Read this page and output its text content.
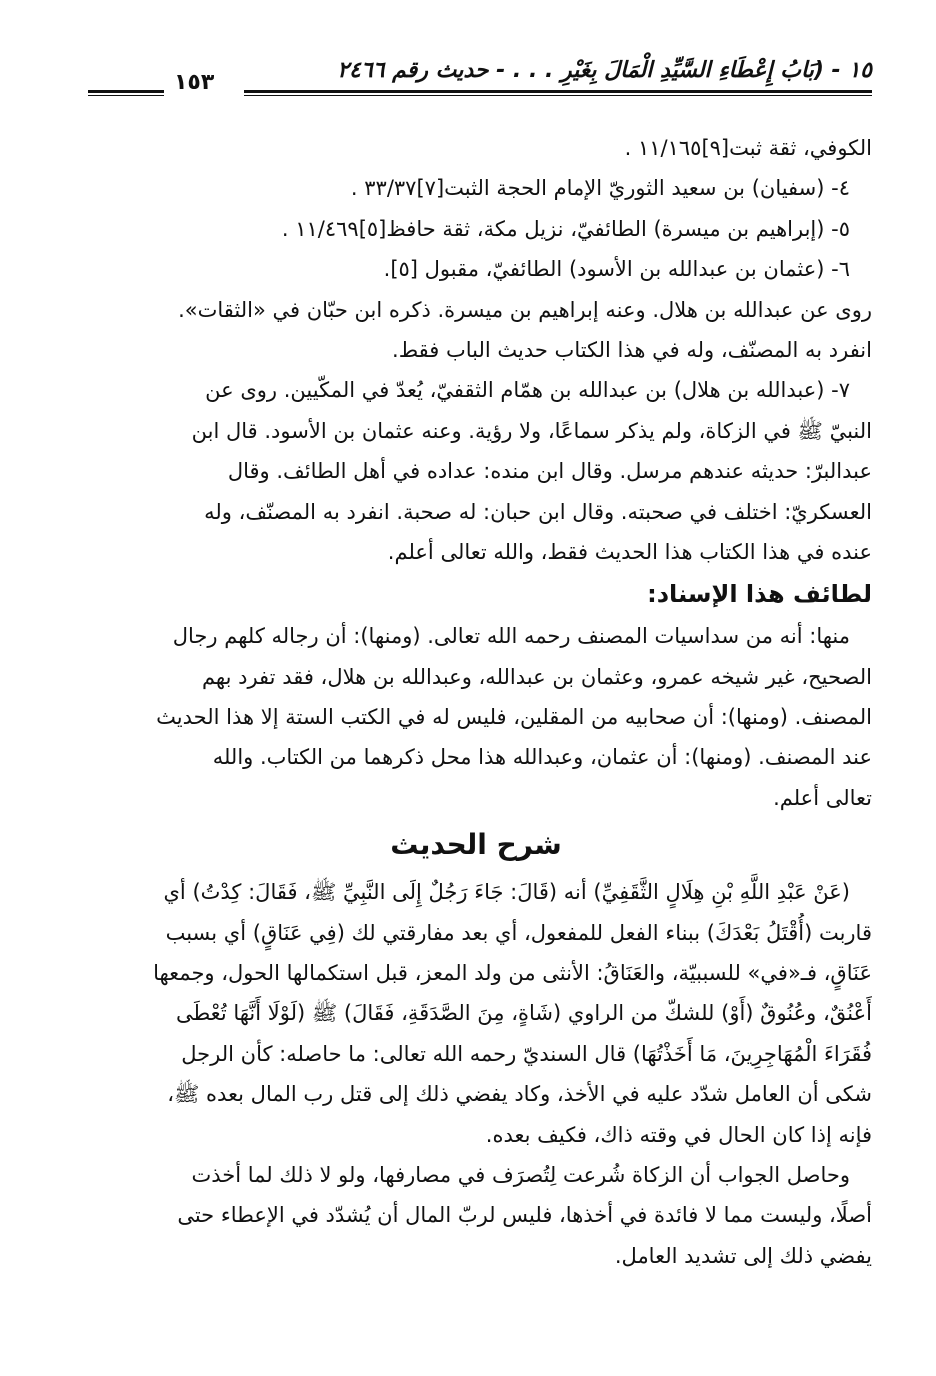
١٥ - (بَابُ إِعْطَاءِ السَّيِّدِ الْمَالَ بِغَيْرِ . . . - حديث رقم ٢٤٦٦
١٥٣
الكوفي، ثقة ثبت[٩]١١/١٦٥ .
٤- (سفيان) بن سعيد الثوريّ الإمام الحجة الثبت[٧]٣٣/٣٧ .
٥- (إبراهيم بن ميسرة) الطائفيّ، نزيل مكة، ثقة حافظ[٥]١١/٤٦٩ .
٦- (عثمان بن عبدالله بن الأسود) الطائفيّ، مقبول [٥].
روى عن عبدالله بن هلال. وعنه إبراهيم بن ميسرة. ذكره ابن حبّان في «الثقات».
انفرد به المصنّف، وله في هذا الكتاب حديث الباب فقط.
٧- (عبدالله بن هلال) بن عبدالله بن همّام الثقفيّ، يُعدّ في المكّيين. روى عن
النبيّ ﷺ في الزكاة، ولم يذكر سماعًا، ولا رؤية. وعنه عثمان بن الأسود. قال ابن
عبدالبرّ: حديثه عندهم مرسل. وقال ابن منده: عداده في أهل الطائف. وقال
العسكريّ: اختلف في صحبته. وقال ابن حبان: له صحبة. انفرد به المصنّف، وله
عنده في هذا الكتاب هذا الحديث فقط، والله تعالى أعلم.
لطائف هذا الإسناد:
منها: أنه من سداسيات المصنف رحمه الله تعالى. (ومنها): أن رجاله كلهم رجال
الصحيح، غير شيخه عمرو، وعثمان بن عبدالله، وعبدالله بن هلال، فقد تفرد بهم
المصنف. (ومنها): أن صحابيه من المقلين، فليس له في الكتب الستة إلا هذا الحديث
عند المصنف. (ومنها): أن عثمان، وعبدالله هذا محل ذكرهما من الكتاب. والله
تعالى أعلم.
شرح الحديث
(عَنْ عَبْدِ اللَّهِ بْنِ هِلَالٍ الثَّقَفِيِّ) أنه (قَالَ: جَاءَ رَجُلٌ إِلَى النَّبِيِّ ﷺ، فَقَالَ: كِدْتُ) أي
قاربت (أُقْتَلُ بَعْدَكَ) ببناء الفعل للمفعول، أي بعد مفارقتي لك (فِي عَنَاقٍ) أي بسبب
عَنَاقٍ، فـ«في» للسببيّة، والعَنَاقُ: الأنثى من ولد المعز، قبل استكمالها الحول، وجمعها
أَعْنُقٌ، وعُنُوقٌ (أَوْ) للشكّ من الراوي (شَاةٍ، مِنَ الصَّدَقَةِ، فَقَالَ) ﷺ (لَوْلَا أَنَّهَا تُعْطَى
فُقَرَاءَ الْمُهَاجِرِينَ، مَا أَخَذْتُهَا) قال السنديّ رحمه الله تعالى: ما حاصله: كأن الرجل
شكى أن العامل شدّد عليه في الأخذ، وكاد يفضي ذلك إلى قتل رب المال بعده ﷺ،
فإنه إذا كان الحال في وقته ذاك، فكيف بعده.
وحاصل الجواب أن الزكاة شُرعت لِتُصرَف في مصارفها، ولو لا ذلك لما أخذت
أصلًا، وليست مما لا فائدة في أخذها، فليس لربّ المال أن يُشدّد في الإعطاء حتى
يفضي ذلك إلى تشديد العامل.
